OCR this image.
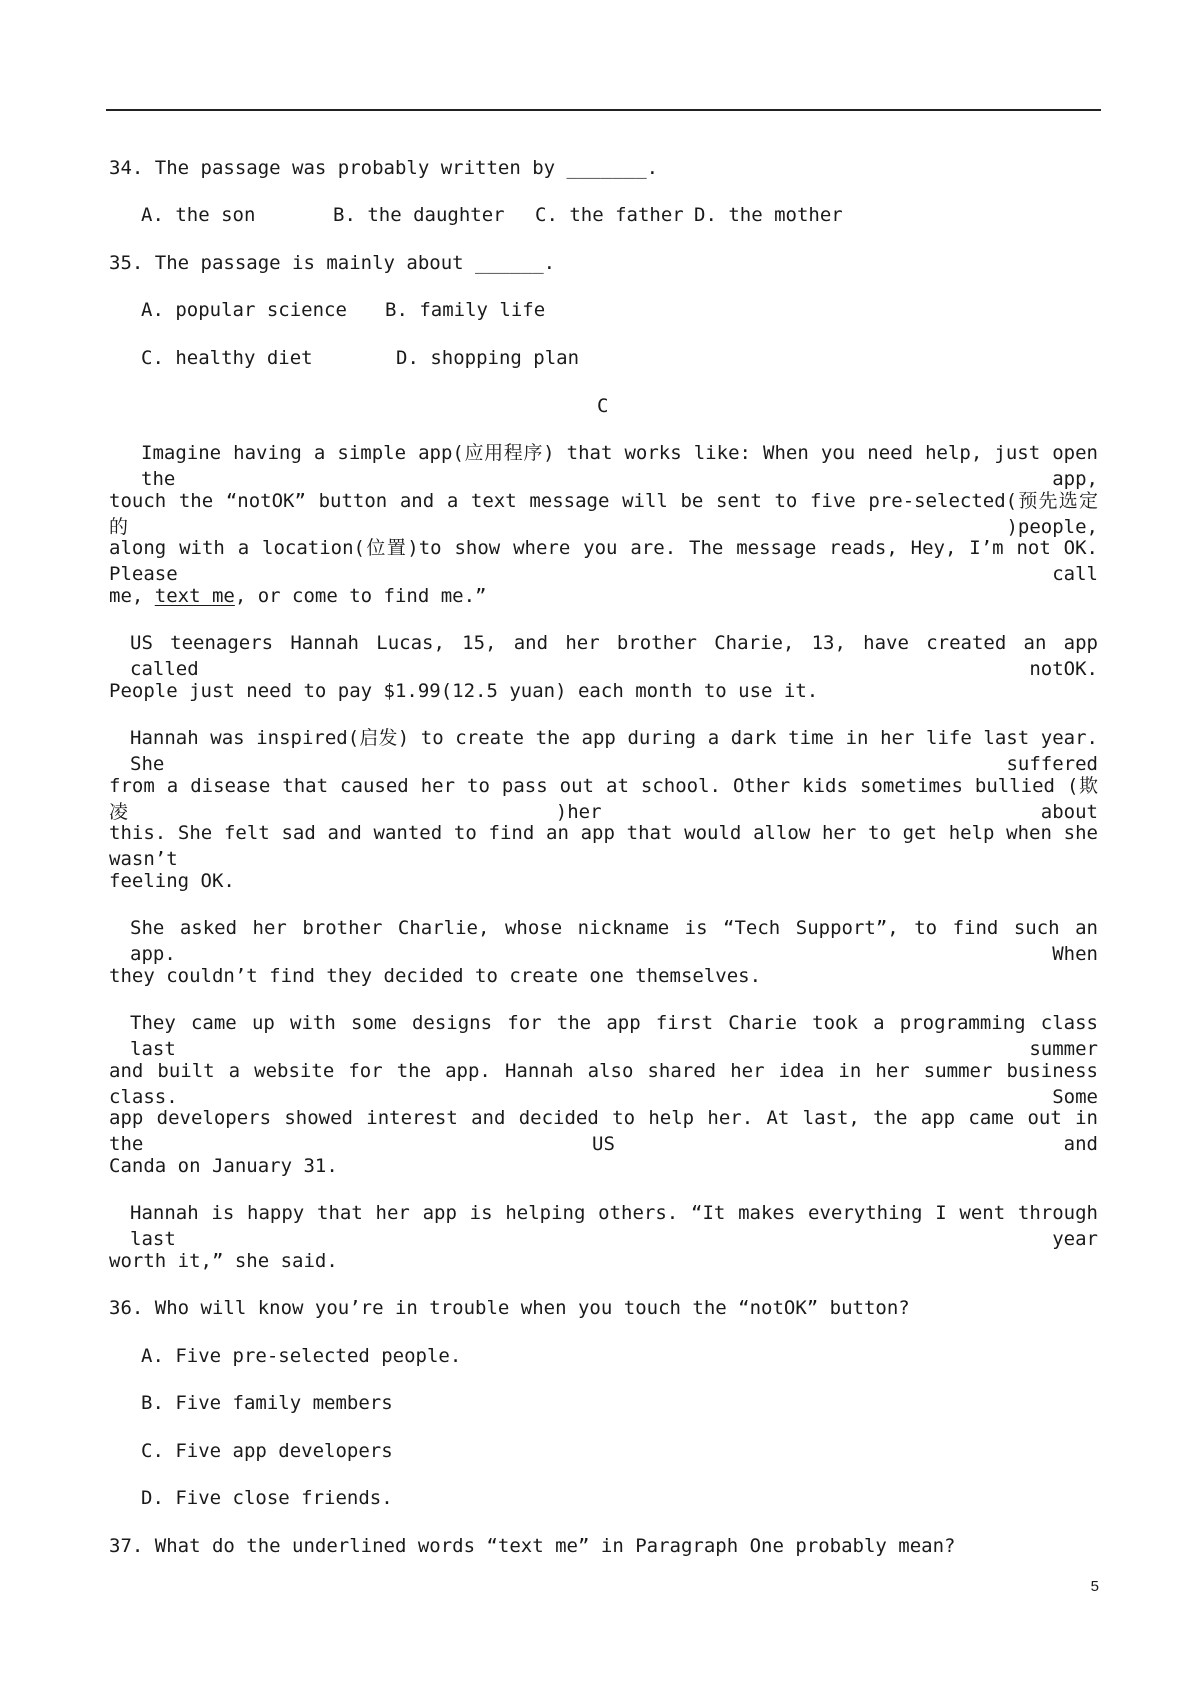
34. The passage was probably written by _______.
A. the son	B. the daughter C. the father D. the mother
35. The passage is mainly about ______.
A. popular science B. family life
C. healthy diet	D. shopping plan
C
Imagine having a simple app(应用程序) that works like: When you need help, just open the app,
touch the “notOK” button and a text message will be sent to five pre-selected(预先选定的)people,
along with a location(位置)to show where you are. The message reads, Hey, I’m not OK. Please call
me, text me, or come to find me.”
US teenagers Hannah Lucas, 15, and her brother Charie, 13, have created an app called notOK.
People just need to pay $1.99(12.5 yuan) each month to use it.
Hannah was inspired(启发) to create the app during a dark time in her life last year. She suffered
from a disease that caused her to pass out at school. Other kids sometimes bullied (欺凌)her about
this. She felt sad and wanted to find an app that would allow her to get help when she wasn’t
feeling OK.
She asked her brother Charlie, whose nickname is “Tech Support”, to find such an app. When
they couldn’t find they decided to create one themselves.
They came up with some designs for the app first Charie took a programming class last summer
and built a website for the app. Hannah also shared her idea in her summer business class. Some
app developers showed interest and decided to help her. At last, the app came out in the US and
Canda on January 31.
Hannah is happy that her app is helping others. “It makes everything I went through last year
worth it,” she said.
36. Who will know you’re in trouble when you touch the “notOK” button?
A. Five pre-selected people.
B. Five family members
C. Five app developers
D. Five close friends.
37. What do the underlined words “text me” in Paragraph One probably mean?
5
